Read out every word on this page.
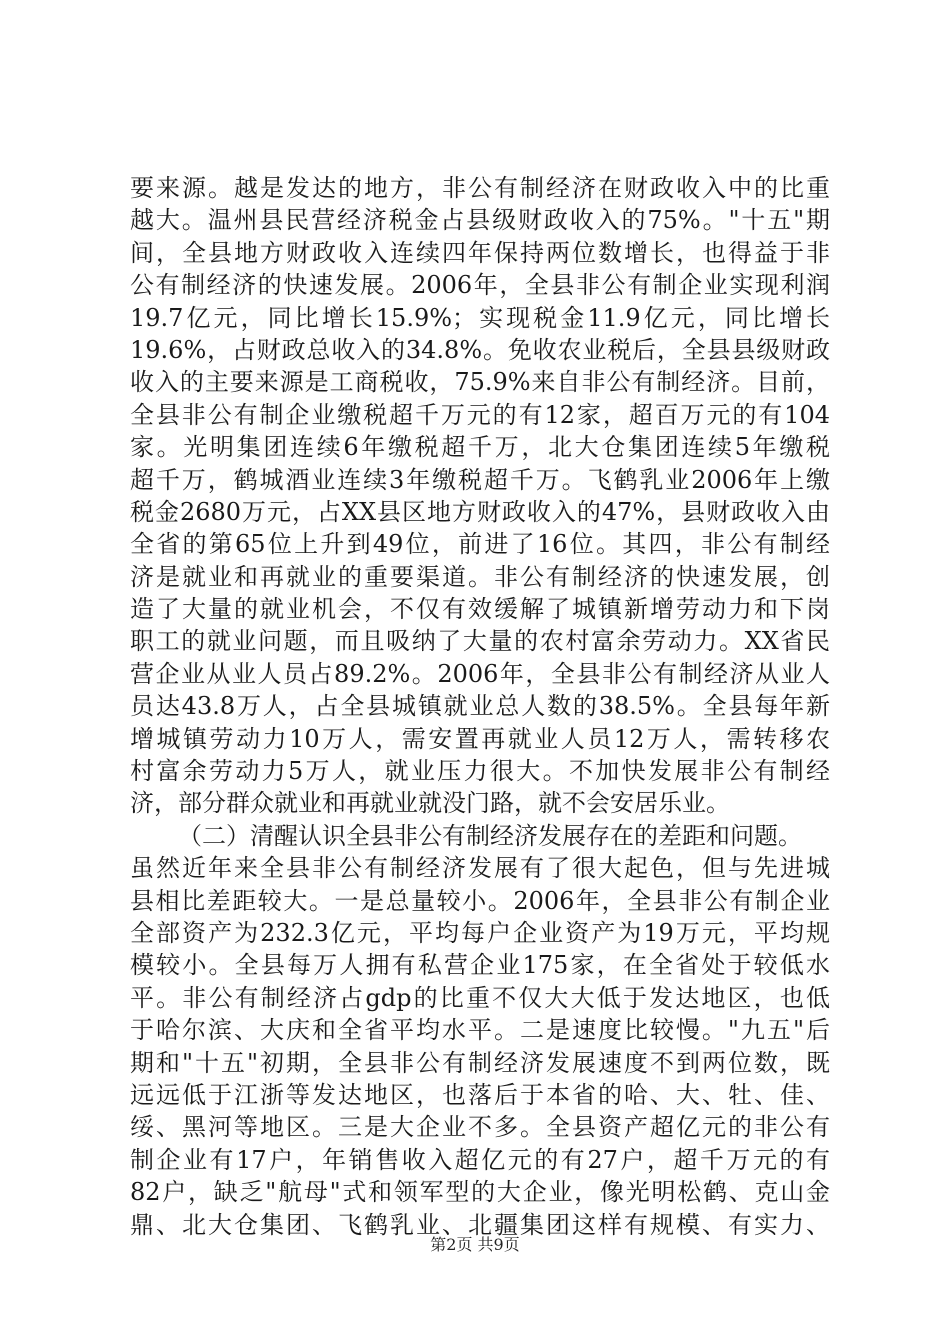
要来源。越是发达的地方，非公有制经济在财政收入中的比重
越大。温州县民营经济税金占县级财政收入的75%。"十五"期
间，全县地方财政收入连续四年保持两位数增长，也得益于非
公有制经济的快速发展。2006年，全县非公有制企业实现利润
19.7亿元，同比增长15.9%；实现税金11.9亿元，同比增长
19.6%，占财政总收入的34.8%。免收农业税后，全县县级财政
收入的主要来源是工商税收，75.9%来自非公有制经济。目前，
全县非公有制企业缴税超千万元的有12家，超百万元的有104
家。光明集团连续6年缴税超千万，北大仓集团连续5年缴税
超千万，鹤城酒业连续3年缴税超千万。飞鹤乳业2006年上缴
税金2680万元，占XX县区地方财政收入的47%，县财政收入由
全省的第65位上升到49位，前进了16位。其四，非公有制经
济是就业和再就业的重要渠道。非公有制经济的快速发展，创
造了大量的就业机会，不仅有效缓解了城镇新增劳动力和下岗
职工的就业问题，而且吸纳了大量的农村富余劳动力。XX省民
营企业从业人员占89.2%。2006年，全县非公有制经济从业人
员达43.8万人，占全县城镇就业总人数的38.5%。全县每年新
增城镇劳动力10万人，需安置再就业人员12万人，需转移农
村富余劳动力5万人，就业压力很大。不加快发展非公有制经
济，部分群众就业和再就业就没门路，就不会安居乐业。
（二）清醒认识全县非公有制经济发展存在的差距和问题。
虽然近年来全县非公有制经济发展有了很大起色，但与先进城
县相比差距较大。一是总量较小。2006年，全县非公有制企业
全部资产为232.3亿元，平均每户企业资产为19万元，平均规
模较小。全县每万人拥有私营企业175家，在全省处于较低水
平。非公有制经济占gdp的比重不仅大大低于发达地区，也低
于哈尔滨、大庆和全省平均水平。二是速度比较慢。"九五"后
期和"十五"初期，全县非公有制经济发展速度不到两位数，既
远远低于江浙等发达地区，也落后于本省的哈、大、牡、佳、
绥、黑河等地区。三是大企业不多。全县资产超亿元的非公有
制企业有17户，年销售收入超亿元的有27户，超千万元的有
82户，缺乏"航母"式和领军型的大企业，像光明松鹤、克山金
鼎、北大仓集团、飞鹤乳业、北疆集团这样有规模、有实力、
第2页 共9页
